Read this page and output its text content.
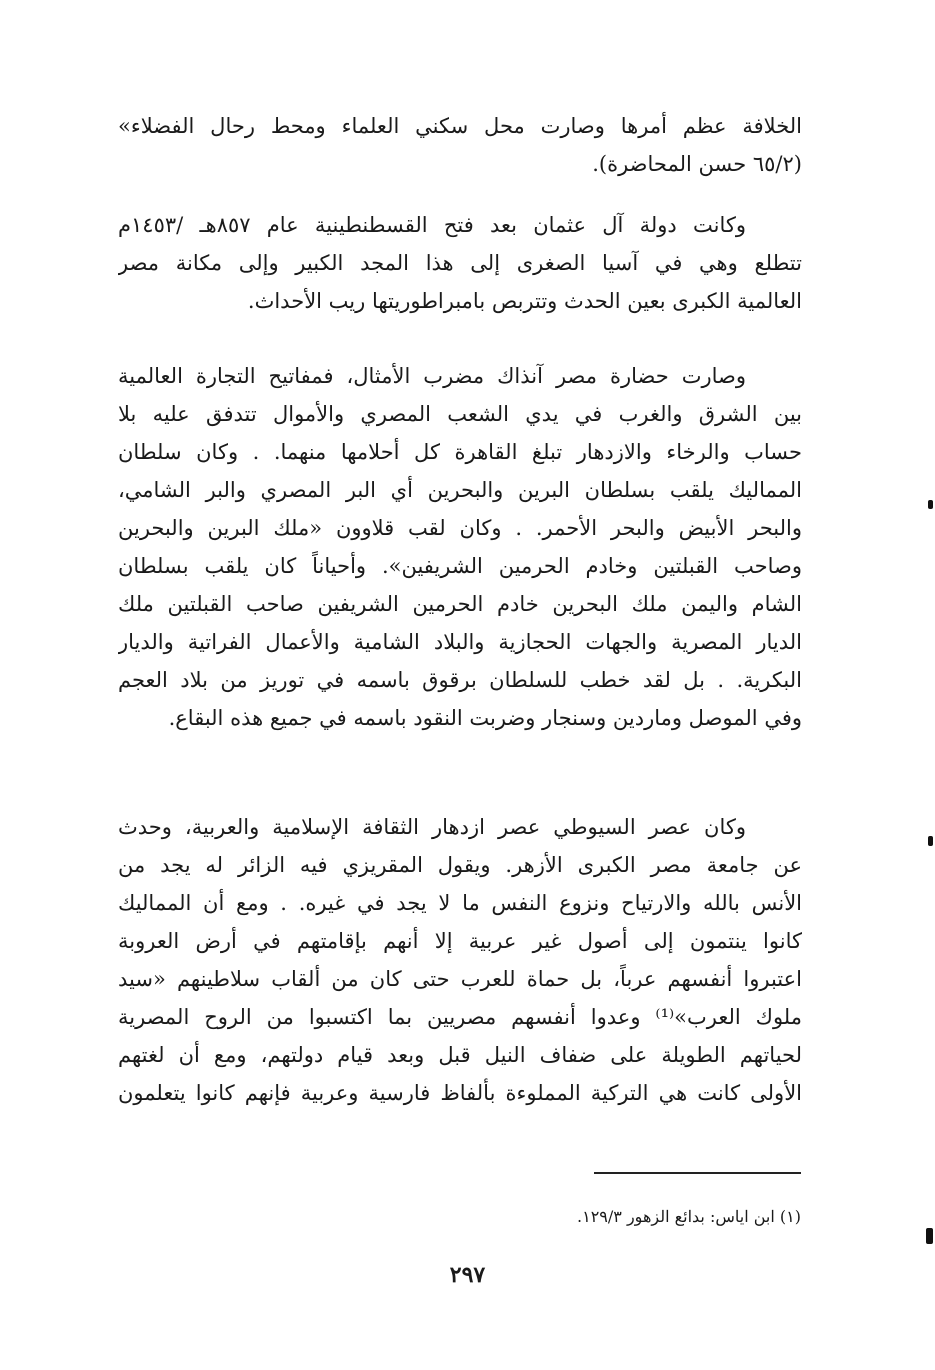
الخلافة عظم أمرها وصارت محل سكني العلماء ومحط رحال الفضلاء»
(٦٥/٢ حسن المحاضرة).
وكانت دولة آل عثمان بعد فتح القسطنطينية عام ٨٥٧هـ /١٤٥٣م
تتطلع وهي في آسيا الصغرى إلى هذا المجد الكبير وإلى مكانة مصر
العالمية الكبرى بعين الحدث وتتربص بامبراطوريتها ريب الأحداث.
وصارت حضارة مصر آنذاك مضرب الأمثال، فمفاتيح التجارة العالمية
بين الشرق والغرب في يدي الشعب المصري والأموال تتدفق عليه بلا
حساب والرخاء والازدهار تبلغ القاهرة كل أحلامها منهما. . وكان سلطان
المماليك يلقب بسلطان البرين والبحرين أي البر المصري والبر الشامي،
والبحر الأبيض والبحر الأحمر. . وكان لقب قلاوون «ملك البرين والبحرين
وصاحب القبلتين وخادم الحرمين الشريفين». وأحياناً كان يلقب بسلطان
الشام واليمن ملك البحرين خادم الحرمين الشريفين صاحب القبلتين ملك
الديار المصرية والجهات الحجازية والبلاد الشامية والأعمال الفراتية والديار
البكرية. . بل لقد خطب للسلطان برقوق باسمه في توريز من بلاد العجم
وفي الموصل وماردين وسنجار وضربت النقود باسمه في جميع هذه البقاع.
وكان عصر السيوطي عصر ازدهار الثقافة الإسلامية والعربية، وحدث
عن جامعة مصر الكبرى الأزهر. ويقول المقريزي فيه الزائر له يجد من
الأنس بالله والارتياح ونزوع النفس ما لا يجد في غيره. . ومع أن المماليك
كانوا ينتمون إلى أصول غير عربية إلا أنهم بإقامتهم في أرض العروبة
اعتبروا أنفسهم عرباً، بل حماة للعرب حتى كان من ألقاب سلاطينهم «سيد
ملوك العرب»⁽¹⁾ وعدوا أنفسهم مصريين بما اكتسبوا من الروح المصرية
لحياتهم الطويلة على ضفاف النيل قبل وبعد قيام دولتهم، ومع أن لغتهم
الأولى كانت هي التركية المملوءة بألفاظ فارسية وعربية فإنهم كانوا يتعلمون
(١) ابن اياس: بدائع الزهور ١٢٩/٣.
٢٩٧
